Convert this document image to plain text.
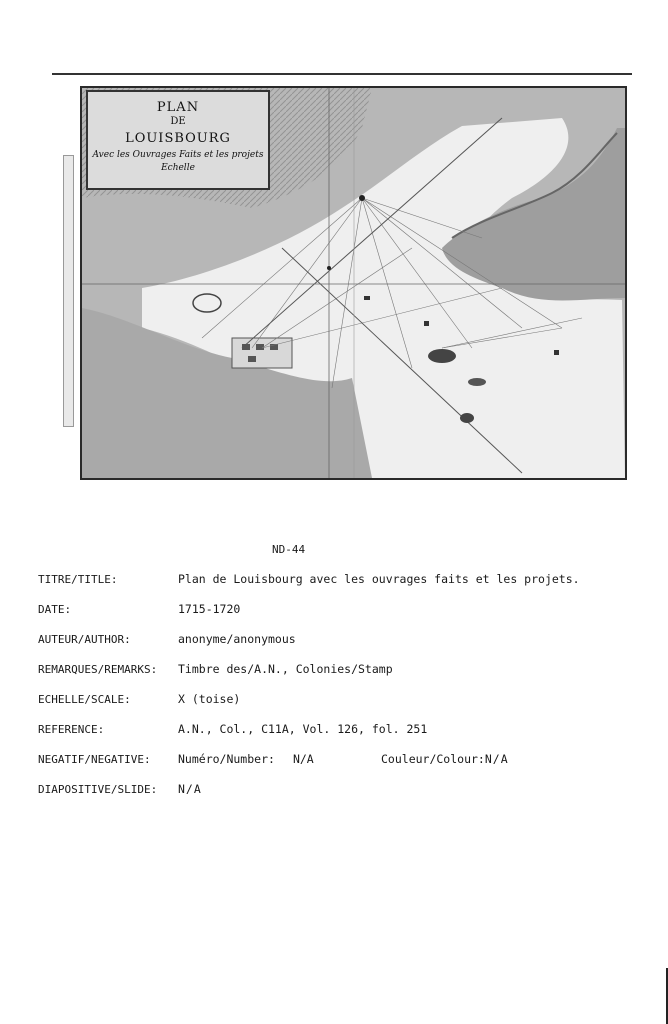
PLAN
DE
LOUISBOURG
Avec les Ouvrages Faits et les projets
Echelle
ND-44
TITRE/TITLE:	Plan de Louisbourg avec les ouvrages faits et les projets.
DATE:	1715-1720
AUTEUR/AUTHOR:	anonyme/anonymous
REMARQUES/REMARKS: Timbre des/A.N., Colonies/Stamp
ECHELLE/SCALE:	X (toise)
REFERENCE:	A.N., Col., C11A, Vol. 126, fol. 251
NEGATIF/NEGATIVE: Numéro/Number: N/A	Couleur/Colour:N/A
DIAPOSITIVE/SLIDE: N/A
